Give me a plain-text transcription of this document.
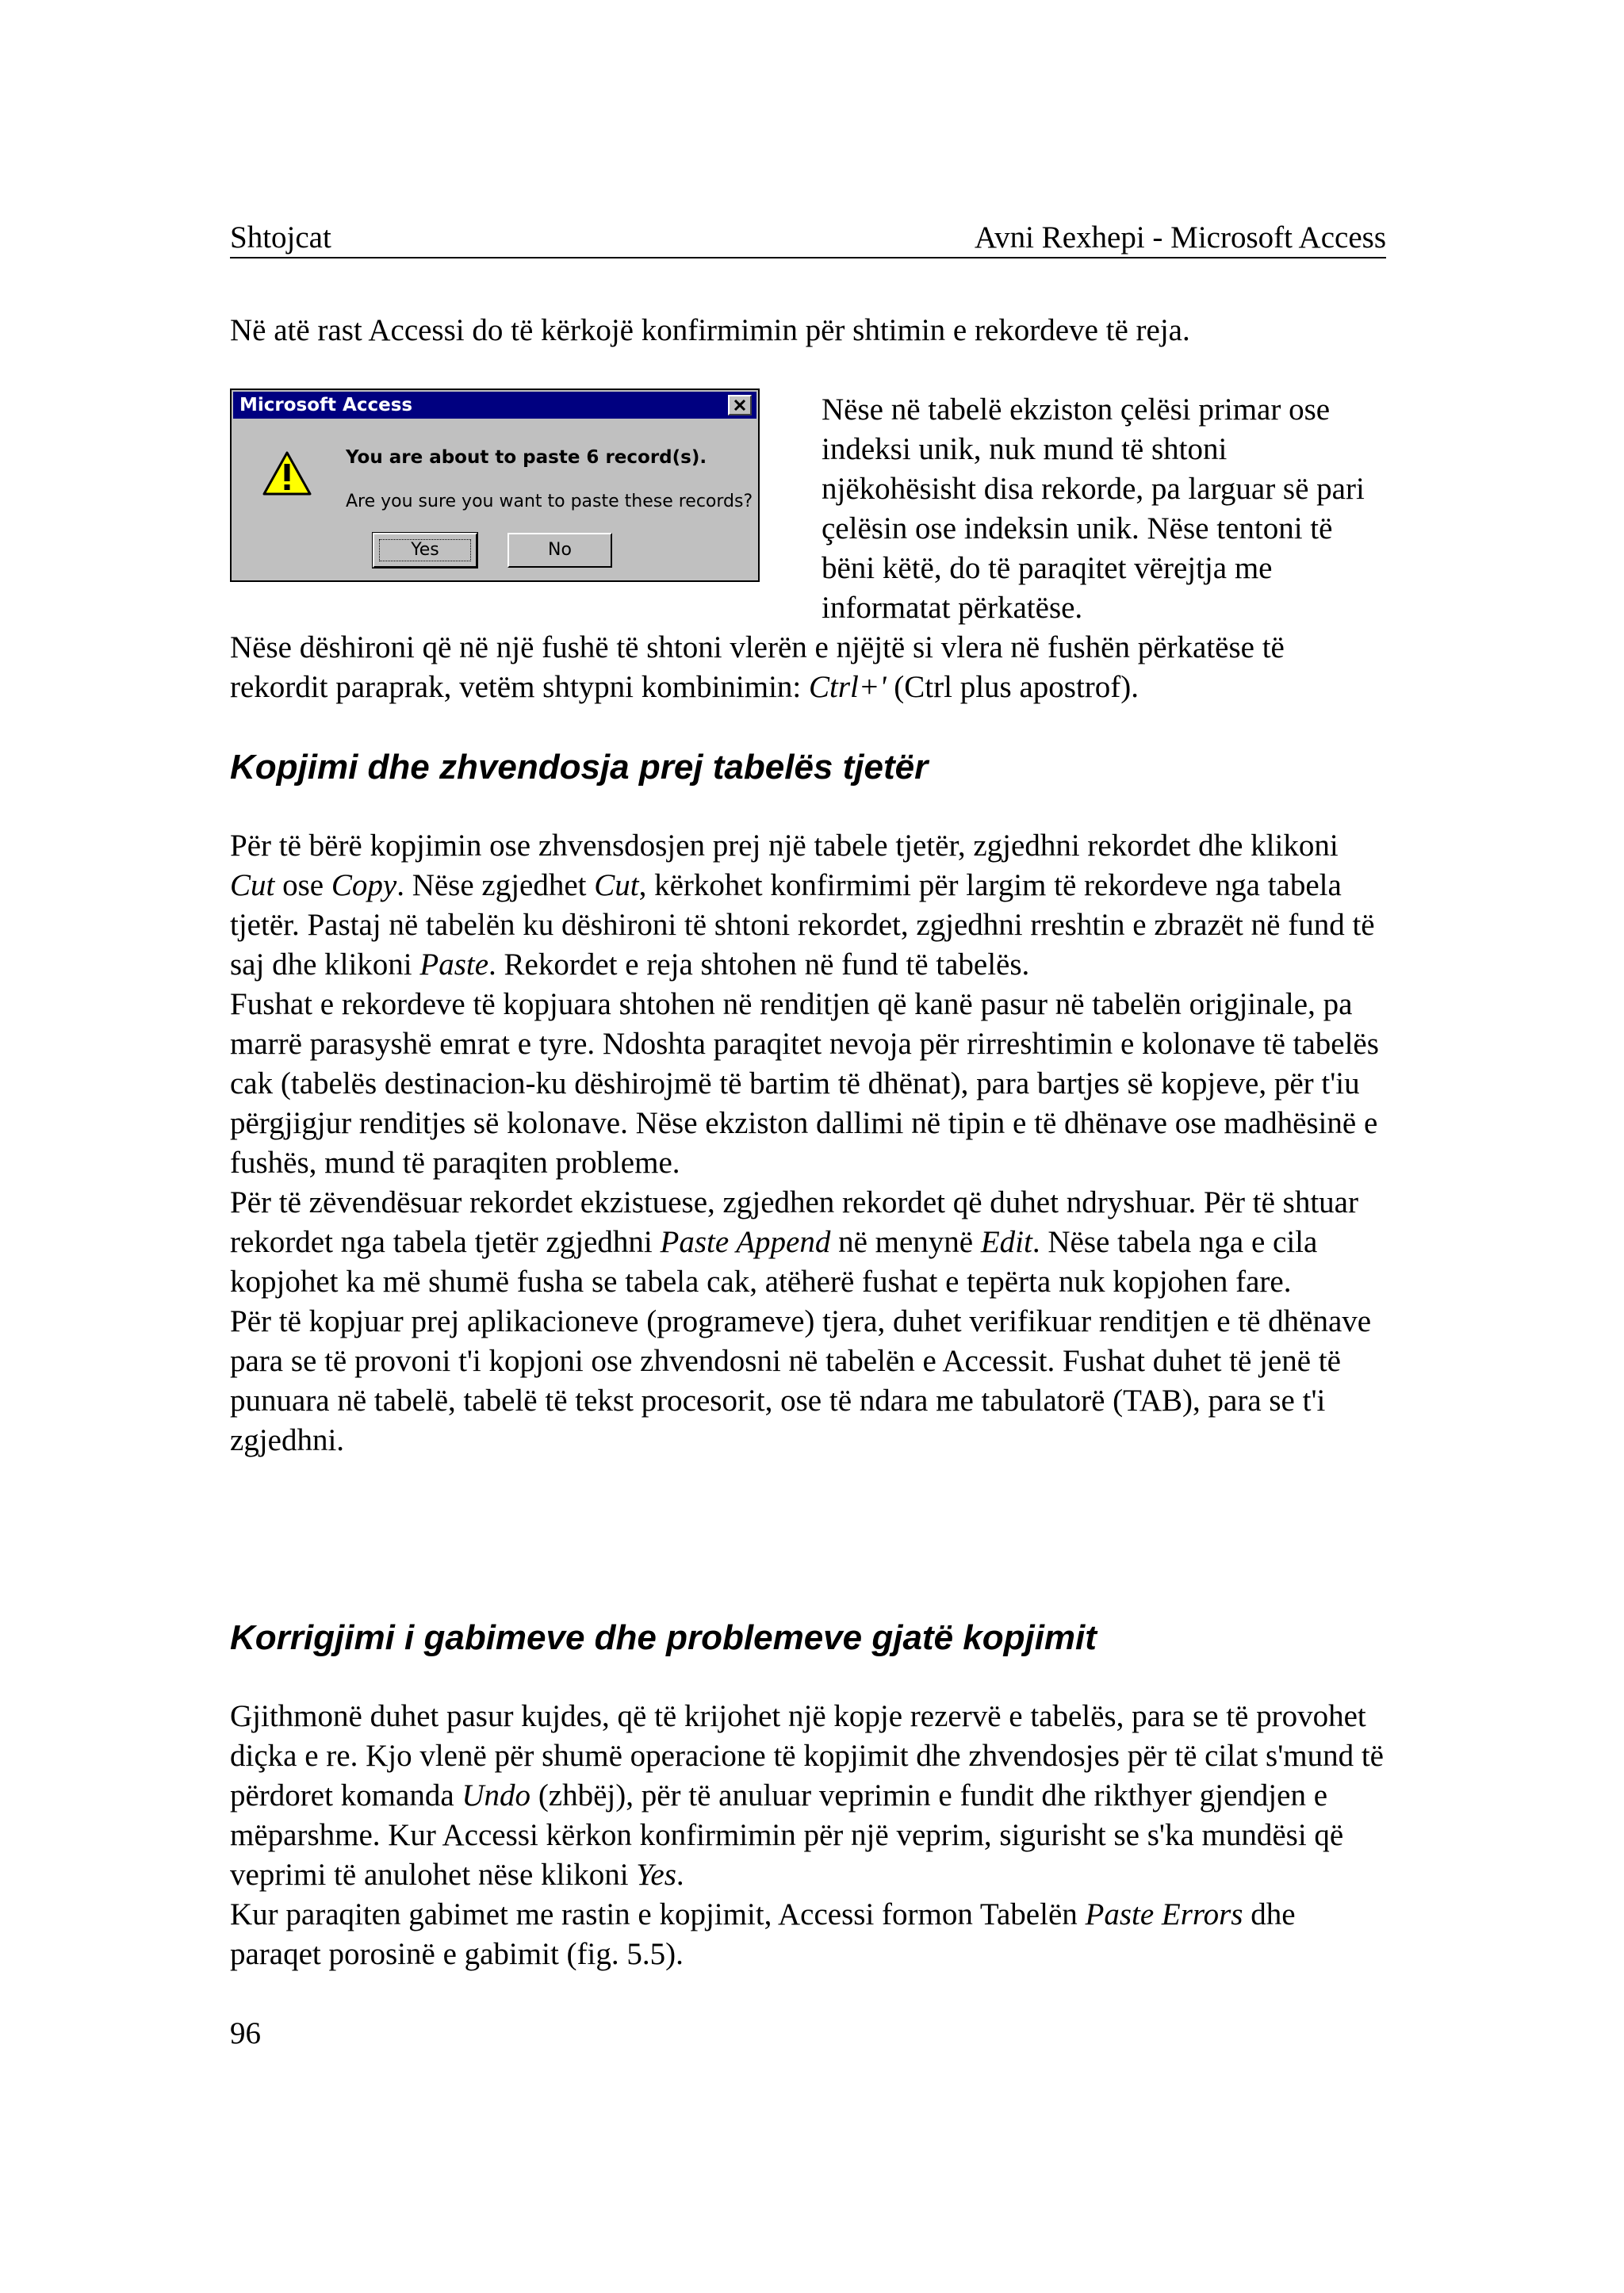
Shtojcat	Avni Rexhepi - Microsoft Access

Në atë rast Accessi do të kërkojë konfirmimin për shtimin e rekordeve të reja.

Microsoft Access
You are about to paste 6 record(s).
Are you sure you want to paste these records?
Yes	No
Nëse në tabelë ekziston çelësi primar ose indeksi unik, nuk mund të shtoni njëkohësisht disa rekorde, pa larguar së pari çelësin ose indeksin unik. Nëse tentoni të bëni këtë, do të paraqitet vërejtja me informatat përkatëse.

Nëse dëshironi që në një fushë të shtoni vlerën e njëjtë si vlera në fushën përkatëse të rekordit paraprak, vetëm shtypni kombinimin: Ctrl+' (Ctrl plus apostrof).

Kopjimi dhe zhvendosja prej tabelës tjetër

Për të bërë kopjimin ose zhvensdosjen prej një tabele tjetër, zgjedhni rekordet dhe klikoni Cut ose Copy. Nëse zgjedhet Cut, kërkohet konfirmimi për largim të rekordeve nga tabela tjetër. Pastaj në tabelën ku dëshironi të shtoni rekordet, zgjedhni rreshtin e zbrazët në fund të saj dhe klikoni Paste. Rekordet e reja shtohen në fund të tabelës.

Fushat e rekordeve të kopjuara shtohen në renditjen që kanë pasur në tabelën origjinale, pa marrë parasyshë emrat e tyre. Ndoshta paraqitet nevoja për rirreshtimin e kolonave të tabelës cak (tabelës destinacion-ku dëshirojmë të bartim të dhënat), para bartjes së kopjeve, për t'iu përgjigjur renditjes së kolonave. Nëse ekziston dallimi në tipin e të dhënave ose madhësinë e fushës, mund të paraqiten probleme.

Për të zëvendësuar rekordet ekzistuese, zgjedhen rekordet që duhet ndryshuar. Për të shtuar rekordet nga tabela tjetër zgjedhni Paste Append në menynë Edit. Nëse tabela nga e cila kopjohet ka më shumë fusha se tabela cak, atëherë fushat e tepërta nuk kopjohen fare.

Për të kopjuar prej aplikacioneve (programeve) tjera, duhet verifikuar renditjen e të dhënave para se të provoni t'i kopjoni ose zhvendosni në tabelën e Accessit. Fushat duhet të jenë të punuara në tabelë, tabelë të tekst procesorit, ose të ndara me tabulatorë (TAB), para se t'i zgjedhni.

Korrigjimi i gabimeve dhe problemeve gjatë kopjimit

Gjithmonë duhet pasur kujdes, që të krijohet një kopje rezervë e tabelës, para se të provohet diçka e re. Kjo vlenë për shumë operacione të kopjimit dhe zhvendosjes për të cilat s'mund të përdoret komanda Undo (zhbëj), për të anuluar veprimin e fundit dhe rikthyer gjendjen e mëparshme. Kur Accessi kërkon konfirmimin për një veprim, sigurisht se s'ka mundësi që veprimi të anulohet nëse klikoni Yes.

Kur paraqiten gabimet me rastin e kopjimit, Accessi formon Tabelën Paste Errors dhe paraqet porosinë e gabimit (fig. 5.5).

96
